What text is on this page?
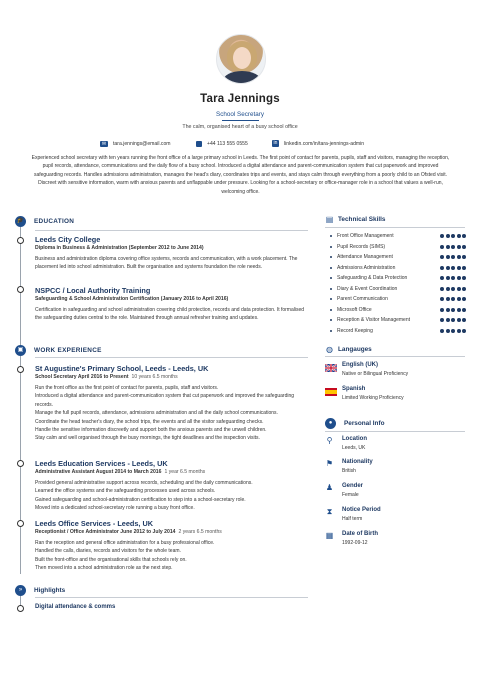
Tara Jennings
School Secretary
The calm, organised heart of a busy school office
✉	tara.jennings@email.com	+44 113 555 0555	in	linkedin.com/in/tara-jennings-admin
Experienced school secretary with ten years running the front office of a large primary school in Leeds. The first point of contact for parents, pupils, staff and visitors, managing the reception, pupil records, attendance, communications and the daily flow of a busy school. Introduced a digital attendance and parent-communication system that cut paperwork and improved safeguarding records. Handles admissions administration, manages the head's diary, coordinates trips and events, and stays calm through everything from a poorly child to an Ofsted visit. Discreet with sensitive information, warm with anxious parents and unflappable under pressure. Looking for a school-secretary or office-manager role in a school that values a well-run, welcoming office.
🎓 EDUCATION
Leeds City College
Diploma in Business & Administration (September 2012 to June 2014)
Business and administration diploma covering office systems, records and communication, with a work placement. The placement led into school administration. Built the organisation and systems foundation the role needs.
NSPCC / Local Authority Training
Safeguarding & School Administration Certification (January 2016 to April 2016)
Certification in safeguarding and school administration covering child protection, records and data protection. It formalised the safeguarding duties central to the role. Maintained through annual refresher training and updates.
▣	WORK EXPERIENCE
St Augustine's Primary School, Leeds - Leeds, UK
School Secretary April 2016 to Present 10 years 6.5 months
Run the front office as the first point of contact for parents, pupils, staff and visitors.
Introduced a digital attendance and parent-communication system that cut paperwork and improved the safeguarding records.
Manage the full pupil records, attendance, admissions administration and all the daily school communications.
Coordinate the head teacher's diary, the school trips, the events and all the visitor safeguarding checks.
Handle the sensitive information discreetly and support both the anxious parents and the unwell children.
Stay calm and well organised through the busy mornings, the tight deadlines and the inspection visits.
Leeds Education Services - Leeds, UK
Administrative Assistant August 2014 to March 2016 1 year 6.5 months
Provided general administrative support across records, scheduling and the daily communications.
Learned the office systems and the safeguarding processes used across schools.
Gained safeguarding and school-administration certification to step into a school-secretary role.
Moved into a dedicated school-secretary role running a busy front office.
Leeds Office Services - Leeds, UK
Receptionist / Office Administrator June 2012 to July 2014 2 years 6.5 months
Ran the reception and general office administration for a busy professional office.
Handled the calls, diaries, records and visitors for the whole team.
Built the front-office and the organisational skills that schools rely on.
Then moved into a school administration role as the next step.
»	Highlights
Digital attendance & comms
▤ Technical Skills
Front Office Management
Pupil Records (SIMS)
Attendance Management
Admissions Administration
Safeguarding & Data Protection
Diary & Event Coordination
Parent Communication
Microsoft Office
Reception & Visitor Management
Record Keeping
◍ Langauges
English (UK)
Native or Bilingual Proficiency
Spanish
Limited Working Proficiency
●	Personal Info
⚲ Location
Leeds, UK
⚑ Nationality
British
♟ Gender
Female
⧗ Notice Period
Half term
▦ Date of Birth
1992-09-12
